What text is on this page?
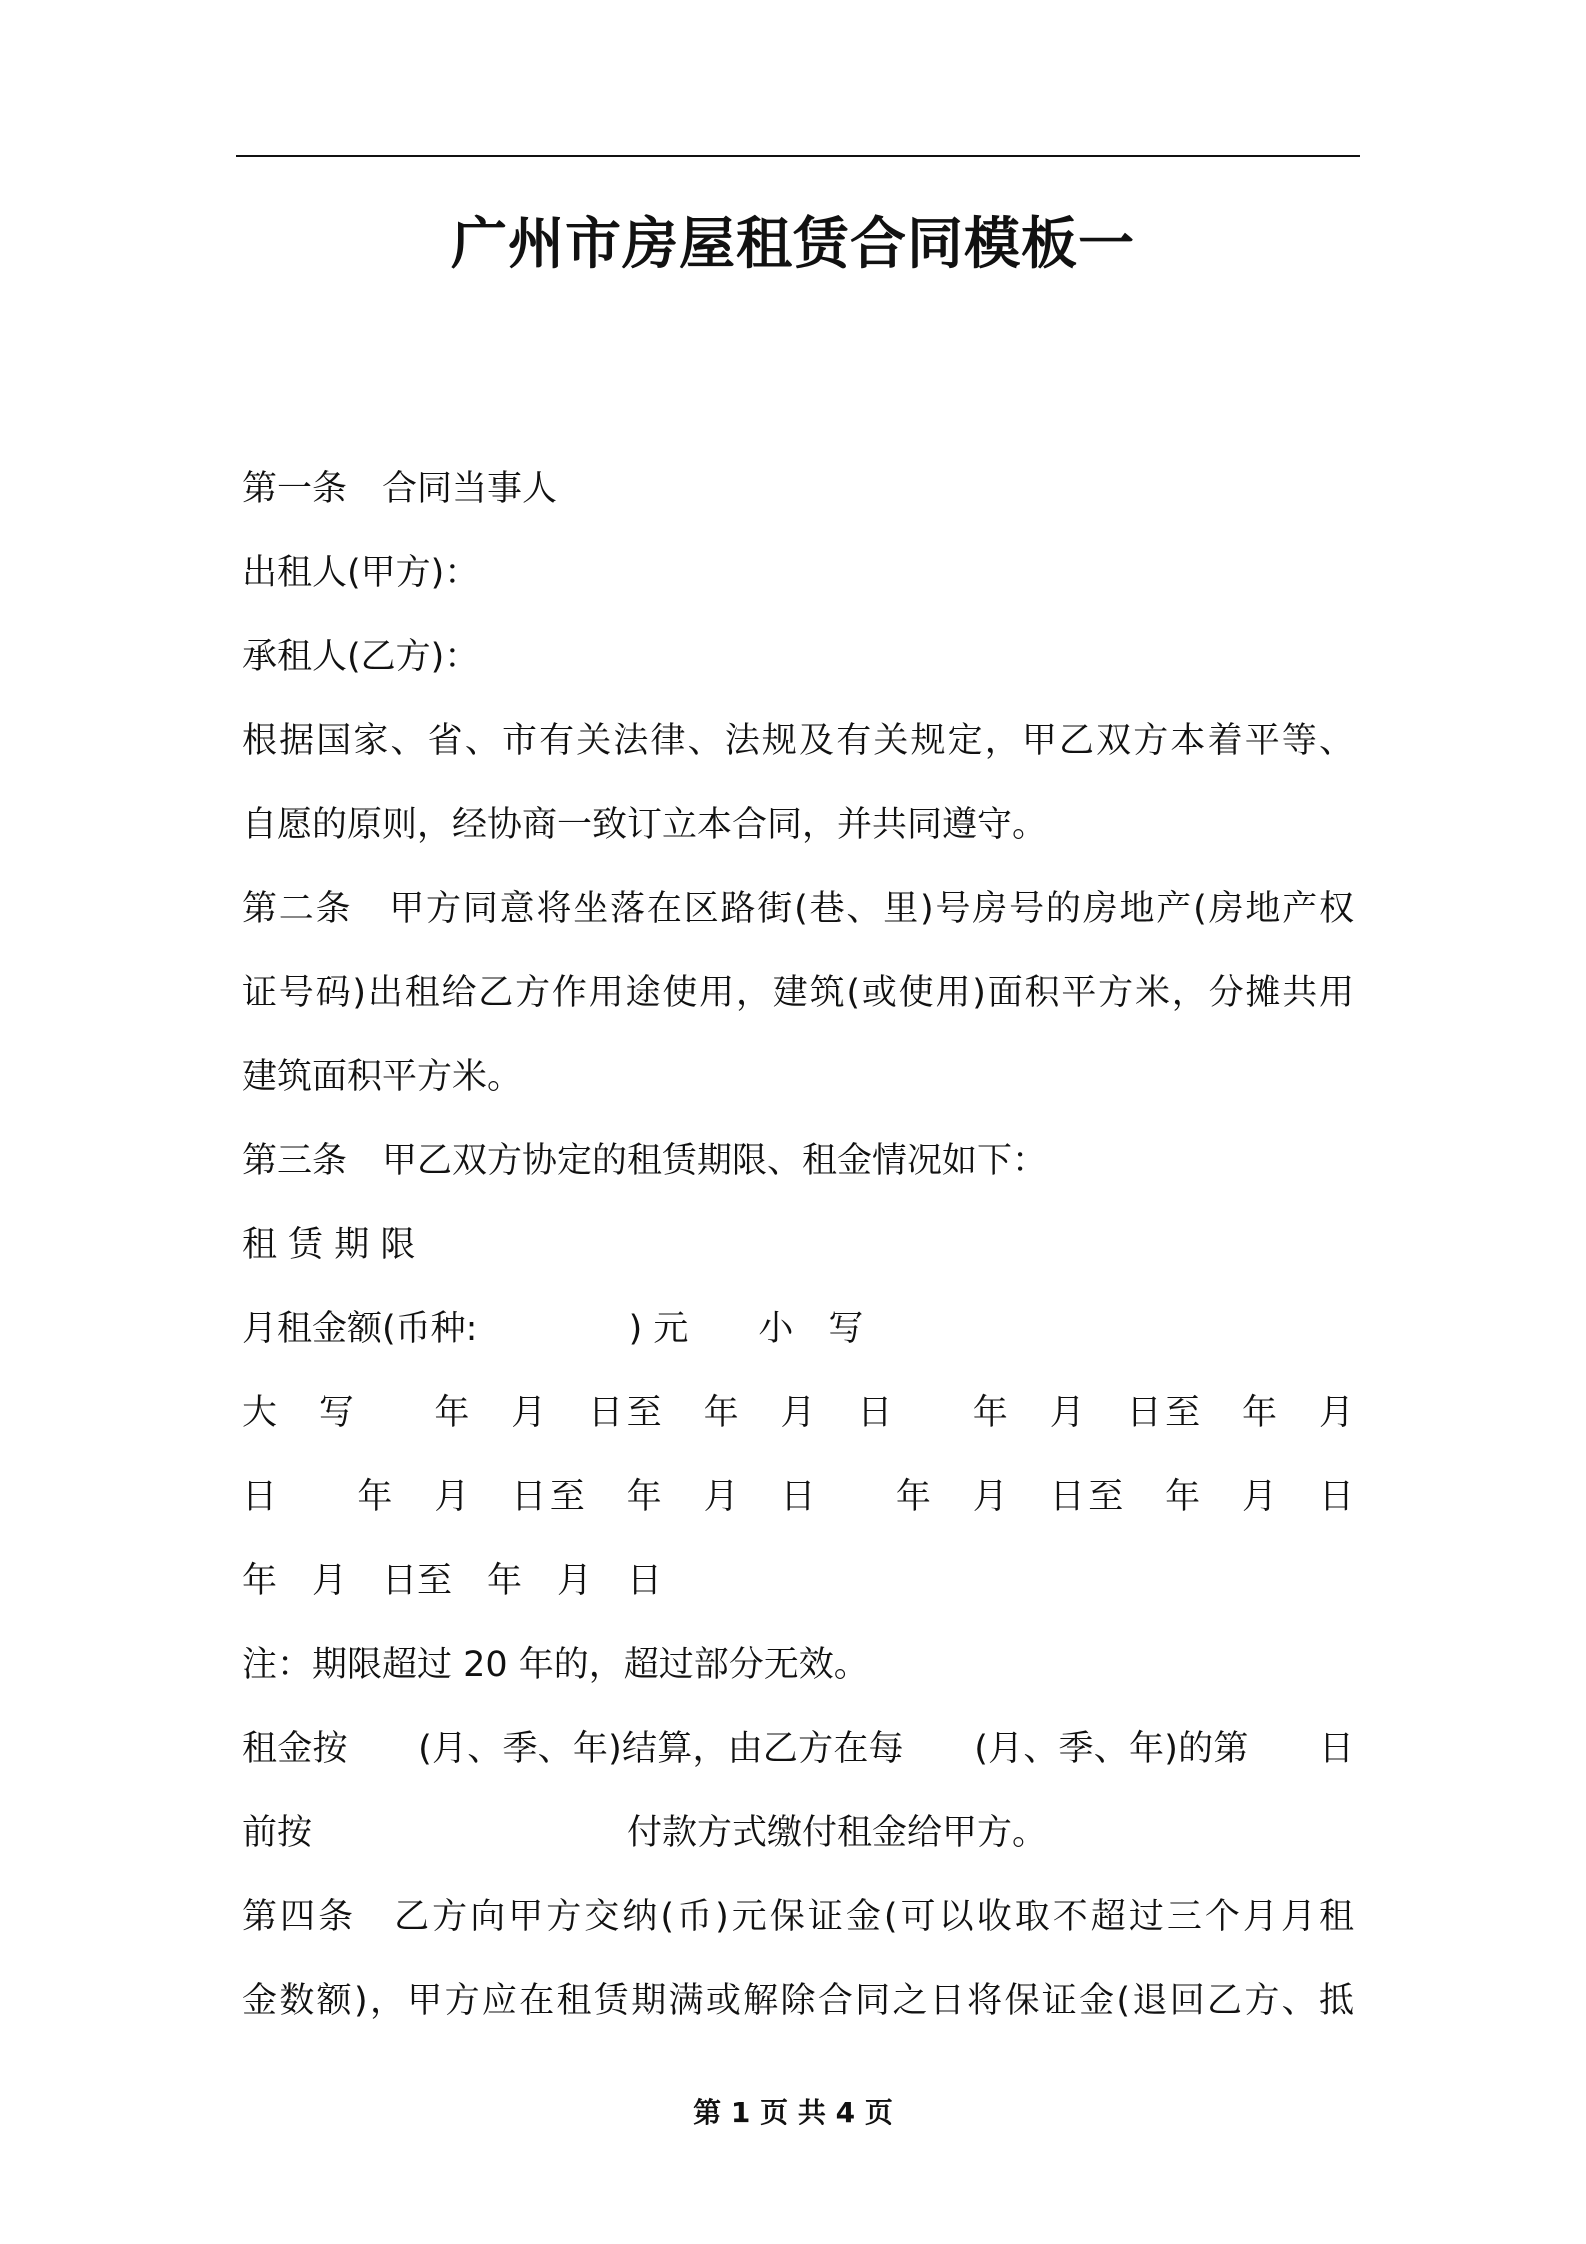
广州市房屋租赁合同模板一
第一条　合同当事人
出租人(甲方)：
承租人(乙方)：
根据国家、省、市有关法律、法规及有关规定，甲乙双方本着平等、
自愿的原则，经协商一致订立本合同，并共同遵守。
第二条　甲方同意将坐落在区路街(巷、里)号房号的房地产(房地产权
证号码)出租给乙方作用途使用，建筑(或使用)面积平方米，分摊共用
建筑面积平方米。
第三条　甲乙双方协定的租赁期限、租金情况如下：
租 赁 期 限
月租金额(币种:　　　　 ) 元　　小　写
大　写　　年　月　日至　年　月　日　　年　月　日至　年　月
日　　年　月　日至　年　月　日　　年　月　日至　年　月　日
年　月　日至　年　月　日
注：期限超过 20 年的，超过部分无效。
租金按　　(月、季、年)结算，由乙方在每　　(月、季、年)的第　　日
前按　　　　　　　　　付款方式缴付租金给甲方。
第四条　乙方向甲方交纳(币)元保证金(可以收取不超过三个月月租
金数额)，甲方应在租赁期满或解除合同之日将保证金(退回乙方、抵
第 1 页 共 4 页
